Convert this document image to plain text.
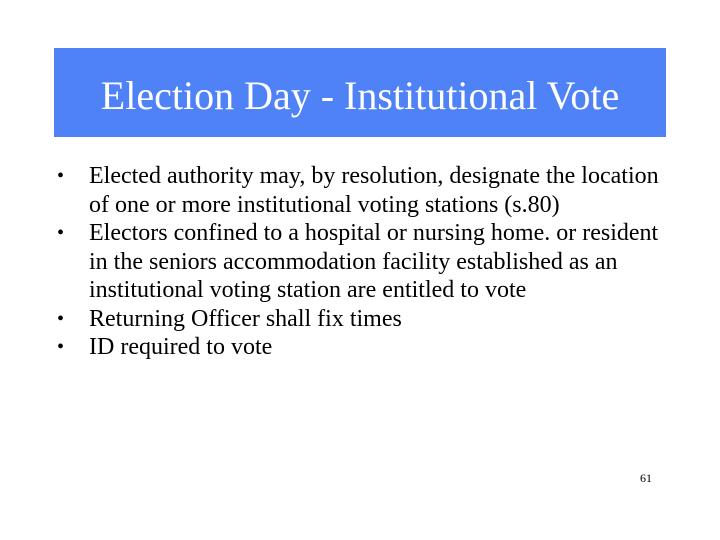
Election Day - Institutional Vote
• Elected authority may, by resolution, designate the location of one or more institutional voting stations (s.80)
• Electors confined to a hospital or nursing home. or resident in the seniors accommodation facility established as an institutional voting station are entitled to vote
• Returning Officer shall fix times
• ID required to vote
61
